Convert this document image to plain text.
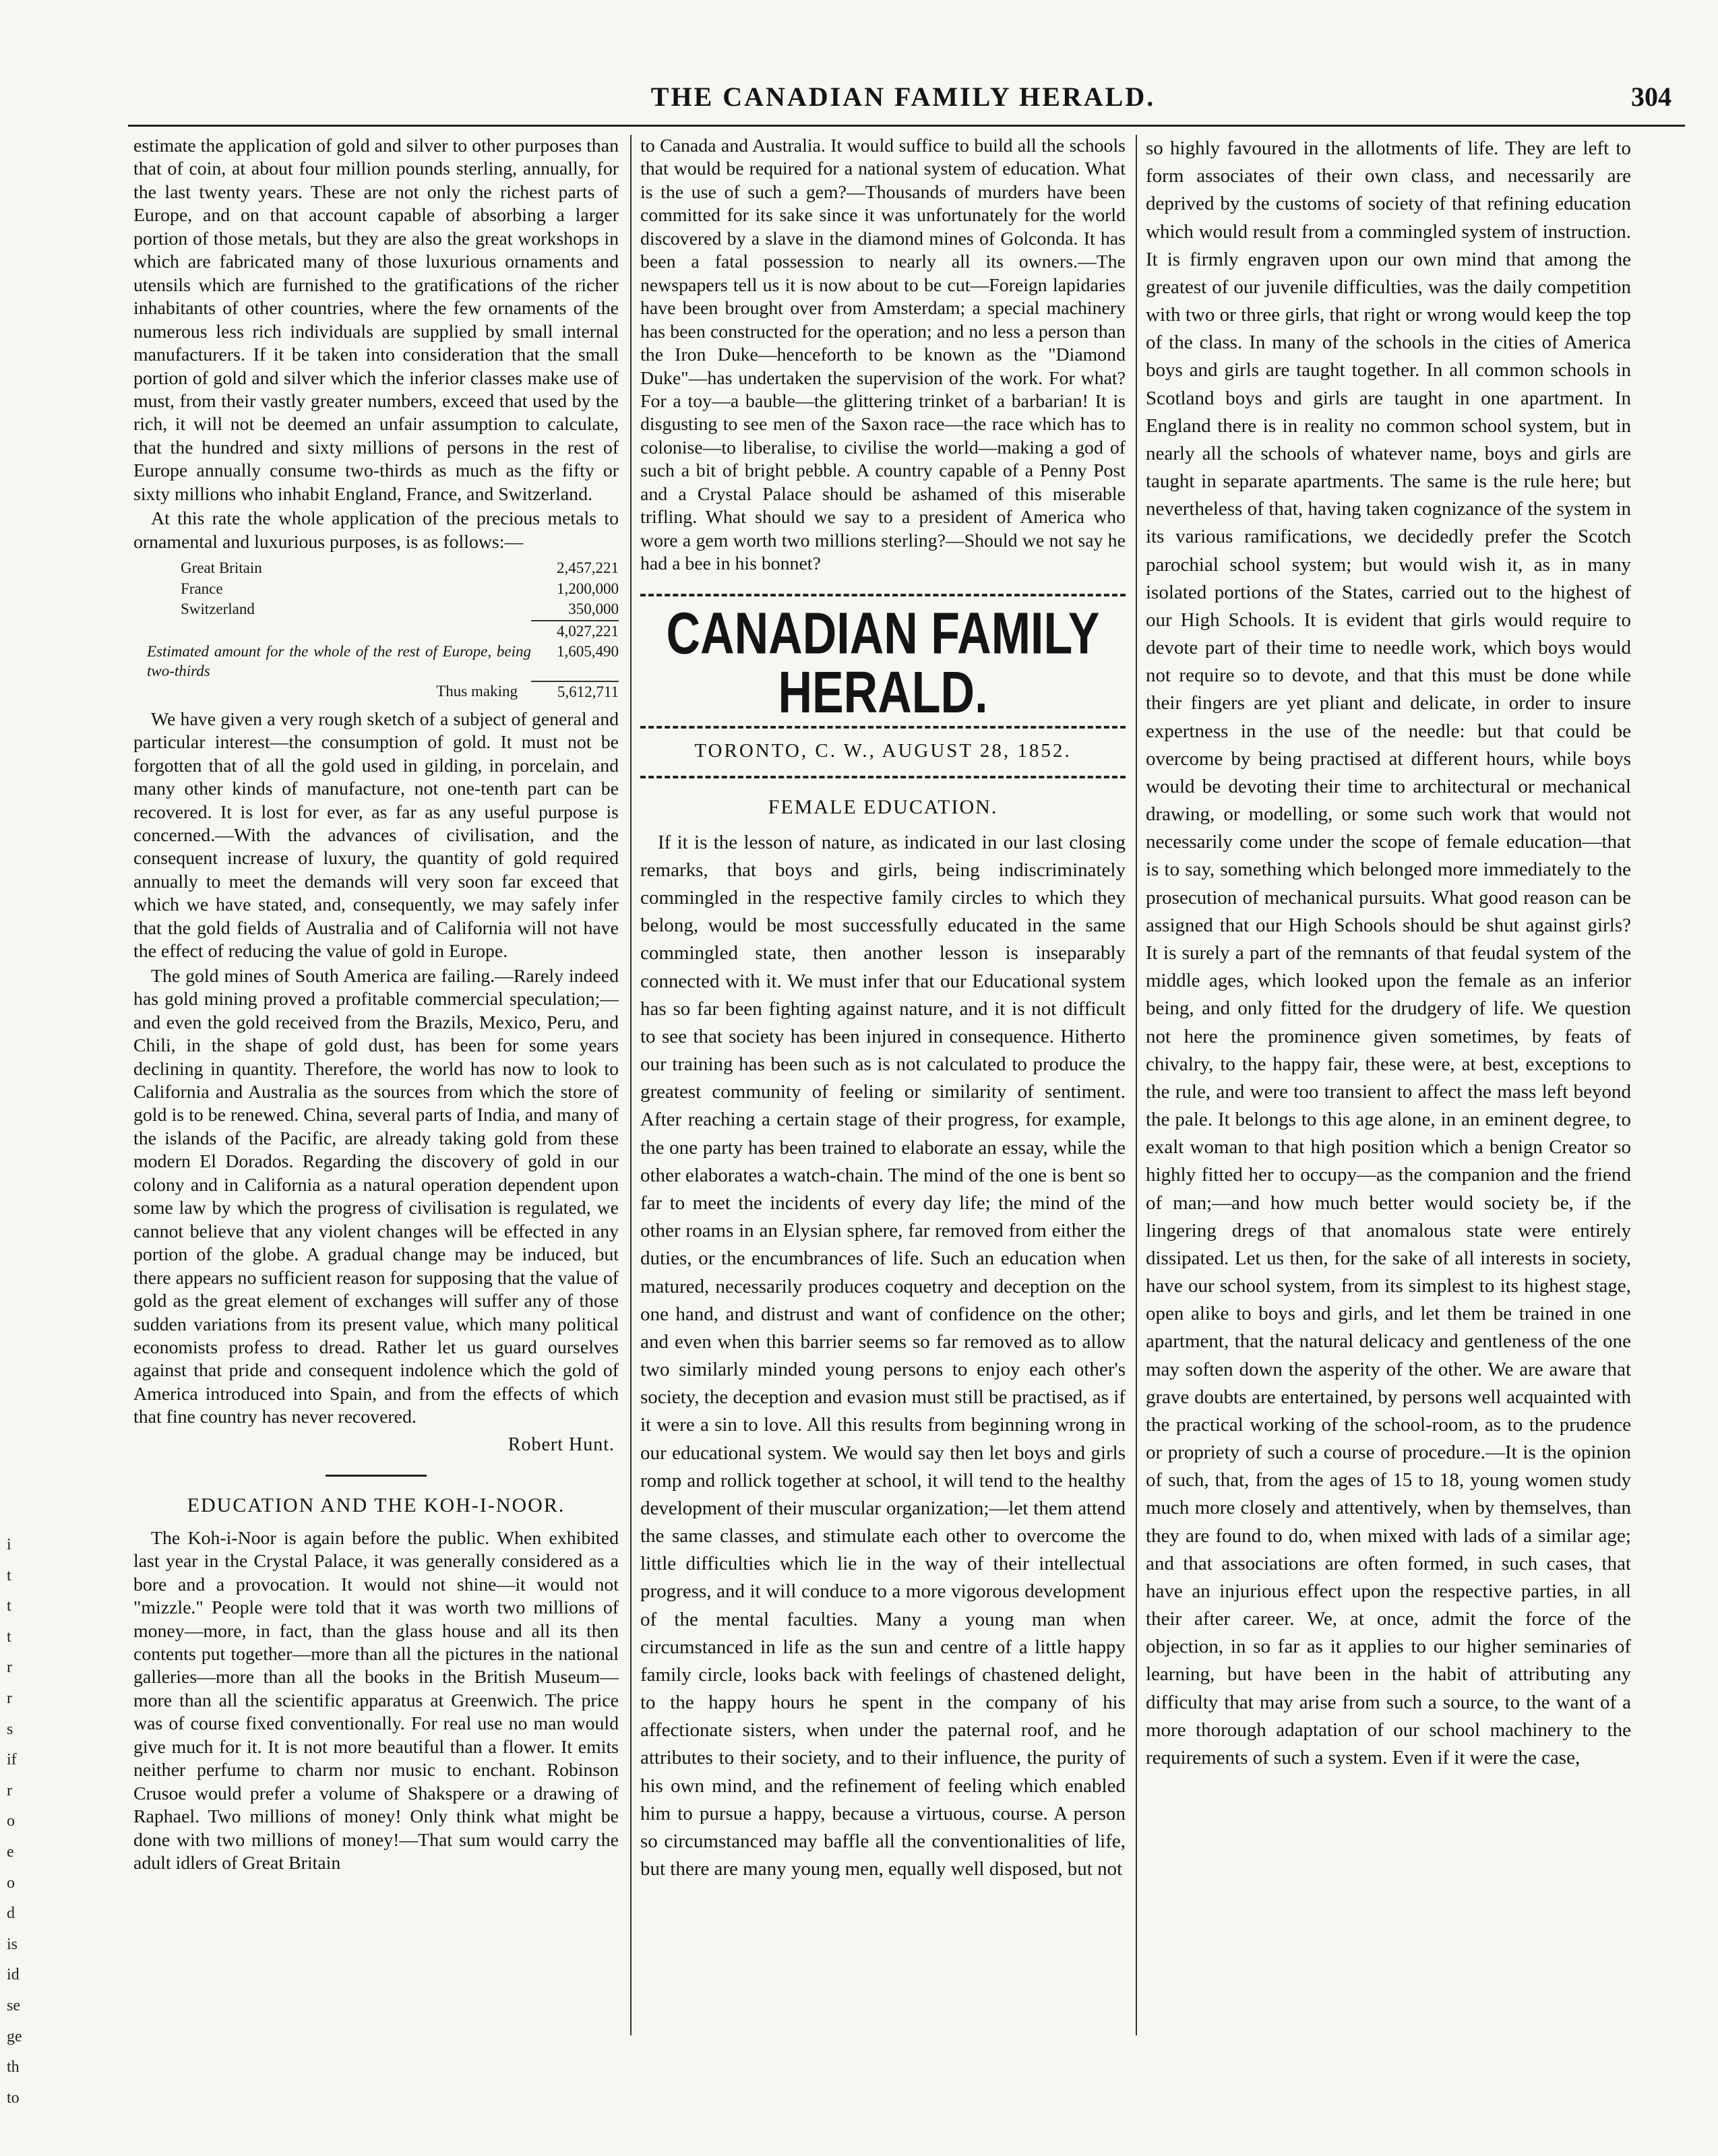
THE CANADIAN FAMILY HERALD.	304

estimate the application of gold and silver to other purposes than that of coin, at about four million pounds sterling, annually, for the last twenty years. These are not only the richest parts of Europe, and on that account capable of absorbing a larger portion of those metals, but they are also the great workshops in which are fabricated many of those luxurious ornaments and utensils which are furnished to the gratifications of the richer inhabitants of other countries, where the few ornaments of the numerous less rich individuals are supplied by small internal manufacturers. If it be taken into consideration that the small portion of gold and silver which the inferior classes make use of must, from their vastly greater numbers, exceed that used by the rich, it will not be deemed an unfair assumption to calculate, that the hundred and sixty millions of persons in the rest of Europe annually consume two-thirds as much as the fifty or sixty millions who inhabit England, France, and Switzerland.

At this rate the whole application of the precious metals to ornamental and luxurious purposes, is as follows:—

Great Britain	2,457,221
France	1,200,000
Switzerland	350,000
	4,027,221
Estimated amount for the whole of the rest of Europe, being two-thirds	1,605,490
Thus making	5,612,711

We have given a very rough sketch of a subject of general and particular interest—the consumption of gold. It must not be forgotten that of all the gold used in gilding, in porcelain, and many other kinds of manufacture, not one-tenth part can be recovered. It is lost for ever, as far as any useful purpose is concerned.—With the advances of civilisation, and the consequent increase of luxury, the quantity of gold required annually to meet the demands will very soon far exceed that which we have stated, and, consequently, we may safely infer that the gold fields of Australia and of California will not have the effect of reducing the value of gold in Europe.

The gold mines of South America are failing.—Rarely indeed has gold mining proved a profitable commercial speculation;—and even the gold received from the Brazils, Mexico, Peru, and Chili, in the shape of gold dust, has been for some years declining in quantity. Therefore, the world has now to look to California and Australia as the sources from which the store of gold is to be renewed. China, several parts of India, and many of the islands of the Pacific, are already taking gold from these modern El Dorados. Regarding the discovery of gold in our colony and in California as a natural operation dependent upon some law by which the progress of civilisation is regulated, we cannot believe that any violent changes will be effected in any portion of the globe. A gradual change may be induced, but there appears no sufficient reason for supposing that the value of gold as the great element of exchanges will suffer any of those sudden variations from its present value, which many political economists profess to dread. Rather let us guard ourselves against that pride and consequent indolence which the gold of America introduced into Spain, and from the effects of which that fine country has never recovered.

Robert Hunt.
EDUCATION AND THE KOH-I-NOOR.

The Koh-i-Noor is again before the public. When exhibited last year in the Crystal Palace, it was generally considered as a bore and a provocation. It would not shine—it would not "mizzle." People were told that it was worth two millions of money—more, in fact, than the glass house and all its then contents put together—more than all the pictures in the national galleries—more than all the books in the British Museum—more than all the scientific apparatus at Greenwich. The price was of course fixed conventionally. For real use no man would give much for it. It is not more beautiful than a flower. It emits neither perfume to charm nor music to enchant. Robinson Crusoe would prefer a volume of Shakspere or a drawing of Raphael. Two millions of money! Only think what might be done with two millions of money!—That sum would carry the adult idlers of Great Britain

to Canada and Australia. It would suffice to build all the schools that would be required for a national system of education. What is the use of such a gem?—Thousands of murders have been committed for its sake since it was unfortunately for the world discovered by a slave in the diamond mines of Golconda. It has been a fatal possession to nearly all its owners.—The newspapers tell us it is now about to be cut—Foreign lapidaries have been brought over from Amsterdam; a special machinery has been constructed for the operation; and no less a person than the Iron Duke—henceforth to be known as the "Diamond Duke"—has undertaken the supervision of the work. For what? For a toy—a bauble—the glittering trinket of a barbarian! It is disgusting to see men of the Saxon race—the race which has to colonise—to liberalise, to civilise the world—making a god of such a bit of bright pebble. A country capable of a Penny Post and a Crystal Palace should be ashamed of this miserable trifling. What should we say to a president of America who wore a gem worth two millions sterling?—Should we not say he had a bee in his bonnet?

CANADIAN FAMILY HERALD.
TORONTO, C. W., AUGUST 28, 1852.
FEMALE EDUCATION.

If it is the lesson of nature, as indicated in our last closing remarks, that boys and girls, being indiscriminately commingled in the respective family circles to which they belong, would be most successfully educated in the same commingled state, then another lesson is inseparably connected with it. We must infer that our Educational system has so far been fighting against nature, and it is not difficult to see that society has been injured in consequence. Hitherto our training has been such as is not calculated to produce the greatest community of feeling or similarity of sentiment. After reaching a certain stage of their progress, for example, the one party has been trained to elaborate an essay, while the other elaborates a watch-chain. The mind of the one is bent so far to meet the incidents of every day life; the mind of the other roams in an Elysian sphere, far removed from either the duties, or the encumbrances of life. Such an education when matured, necessarily produces coquetry and deception on the one hand, and distrust and want of confidence on the other; and even when this barrier seems so far removed as to allow two similarly minded young persons to enjoy each other's society, the deception and evasion must still be practised, as if it were a sin to love. All this results from beginning wrong in our educational system. We would say then let boys and girls romp and rollick together at school, it will tend to the healthy development of their muscular organization;—let them attend the same classes, and stimulate each other to overcome the little difficulties which lie in the way of their intellectual progress, and it will conduce to a more vigorous development of the mental faculties. Many a young man when circumstanced in life as the sun and centre of a little happy family circle, looks back with feelings of chastened delight, to the happy hours he spent in the company of his affectionate sisters, when under the paternal roof, and he attributes to their society, and to their influence, the purity of his own mind, and the refinement of feeling which enabled him to pursue a happy, because a virtuous, course. A person so circumstanced may baffle all the conventionalities of life, but there are many young men, equally well disposed, but not

so highly favoured in the allotments of life. They are left to form associates of their own class, and necessarily are deprived by the customs of society of that refining education which would result from a commingled system of instruction. It is firmly engraven upon our own mind that among the greatest of our juvenile difficulties, was the daily competition with two or three girls, that right or wrong would keep the top of the class. In many of the schools in the cities of America boys and girls are taught together. In all common schools in Scotland boys and girls are taught in one apartment. In England there is in reality no common school system, but in nearly all the schools of whatever name, boys and girls are taught in separate apartments. The same is the rule here; but nevertheless of that, having taken cognizance of the system in its various ramifications, we decidedly prefer the Scotch parochial school system; but would wish it, as in many isolated portions of the States, carried out to the highest of our High Schools. It is evident that girls would require to devote part of their time to needle work, which boys would not require so to devote, and that this must be done while their fingers are yet pliant and delicate, in order to insure expertness in the use of the needle: but that could be overcome by being practised at different hours, while boys would be devoting their time to architectural or mechanical drawing, or modelling, or some such work that would not necessarily come under the scope of female education—that is to say, something which belonged more immediately to the prosecution of mechanical pursuits. What good reason can be assigned that our High Schools should be shut against girls? It is surely a part of the remnants of that feudal system of the middle ages, which looked upon the female as an inferior being, and only fitted for the drudgery of life. We question not here the prominence given sometimes, by feats of chivalry, to the happy fair, these were, at best, exceptions to the rule, and were too transient to affect the mass left beyond the pale. It belongs to this age alone, in an eminent degree, to exalt woman to that high position which a benign Creator so highly fitted her to occupy—as the companion and the friend of man;—and how much better would society be, if the lingering dregs of that anomalous state were entirely dissipated. Let us then, for the sake of all interests in society, have our school system, from its simplest to its highest stage, open alike to boys and girls, and let them be trained in one apartment, that the natural delicacy and gentleness of the one may soften down the asperity of the other. We are aware that grave doubts are entertained, by persons well acquainted with the practical working of the school-room, as to the prudence or propriety of such a course of procedure.—It is the opinion of such, that, from the ages of 15 to 18, young women study much more closely and attentively, when by themselves, than they are found to do, when mixed with lads of a similar age; and that associations are often formed, in such cases, that have an injurious effect upon the respective parties, in all their after career. We, at once, admit the force of the objection, in so far as it applies to our higher seminaries of learning, but have been in the habit of attributing any difficulty that may arise from such a source, to the want of a more thorough adaptation of our school machinery to the requirements of such a system. Even if it were the case,

i
t
t
t
r
r
s
if
r
o
e
o
d
is
id
se
ge
th
to
